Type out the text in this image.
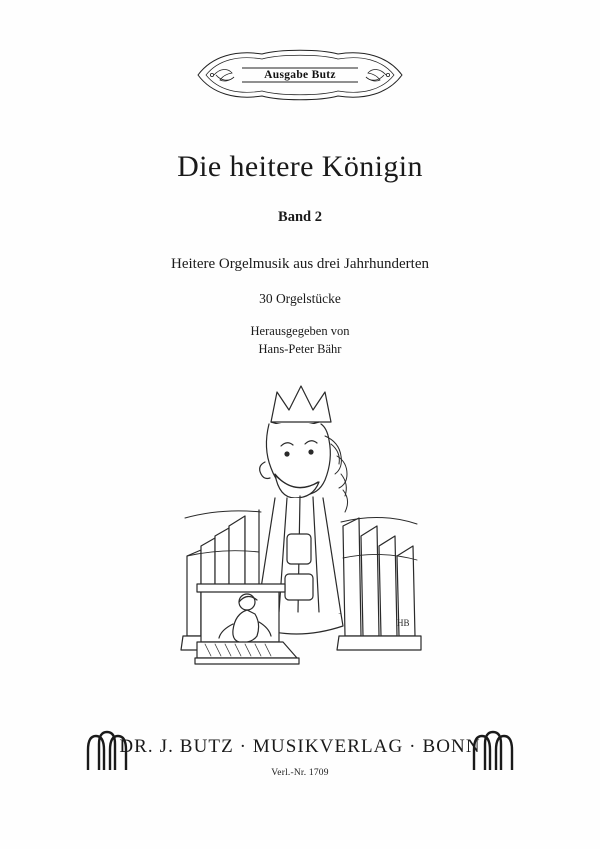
Ausgabe Butz
Die heitere Königin
Band 2
Heitere Orgelmusik aus drei Jahrhunderten
30 Orgelstücke
Herausgegeben von
Hans-Peter Bähr
HB
DR. J. BUTZ · MUSIKVERLAG · BONN
Verl.-Nr. 1709
